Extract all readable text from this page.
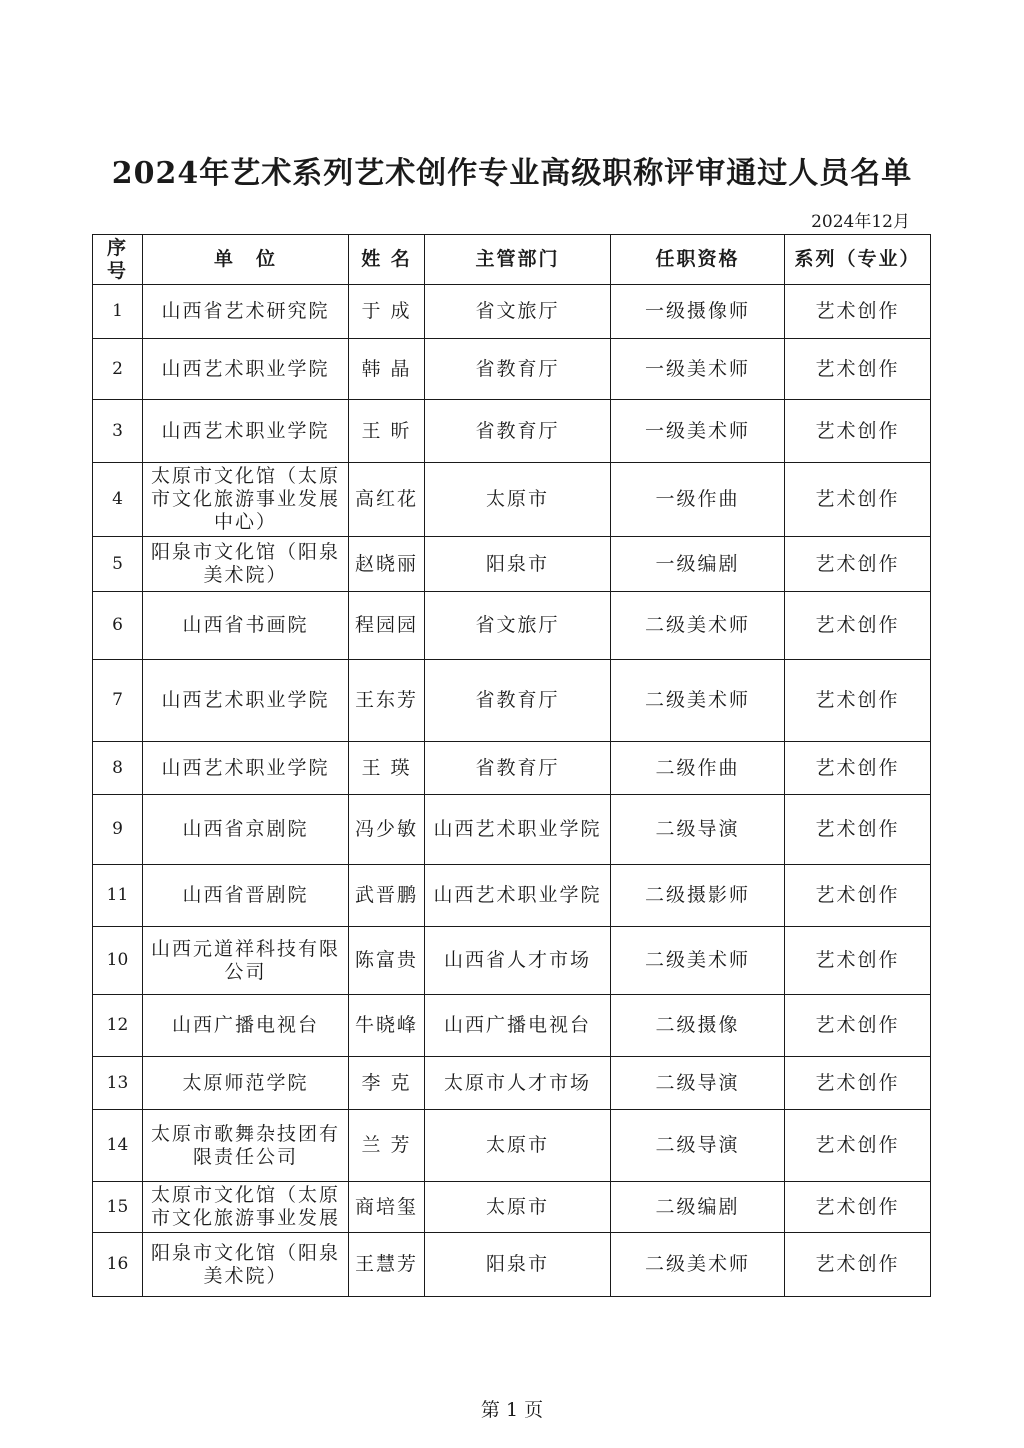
2024年艺术系列艺术创作专业高级职称评审通过人员名单
2024年12月
序号	单　位	姓 名	主管部门	任职资格	系列（专业）
1	山西省艺术研究院	于 成	省文旅厅	一级摄像师	艺术创作
2	山西艺术职业学院	韩 晶	省教育厅	一级美术师	艺术创作
3	山西艺术职业学院	王 昕	省教育厅	一级美术师	艺术创作
4	太原市文化馆（太原市文化旅游事业发展中心）	高红花	太原市	一级作曲	艺术创作
5	阳泉市文化馆（阳泉美术院）	赵晓丽	阳泉市	一级编剧	艺术创作
6	山西省书画院	程园园	省文旅厅	二级美术师	艺术创作
7	山西艺术职业学院	王东芳	省教育厅	二级美术师	艺术创作
8	山西艺术职业学院	王 瑛	省教育厅	二级作曲	艺术创作
9	山西省京剧院	冯少敏	山西艺术职业学院	二级导演	艺术创作
11	山西省晋剧院	武晋鹏	山西艺术职业学院	二级摄影师	艺术创作
10	山西元道祥科技有限公司	陈富贵	山西省人才市场	二级美术师	艺术创作
12	山西广播电视台	牛晓峰	山西广播电视台	二级摄像	艺术创作
13	太原师范学院	李 克	太原市人才市场	二级导演	艺术创作
14	太原市歌舞杂技团有限责任公司	兰 芳	太原市	二级导演	艺术创作
15	太原市文化馆（太原市文化旅游事业发展	商培玺	太原市	二级编剧	艺术创作
16	阳泉市文化馆（阳泉美术院）	王慧芳	阳泉市	二级美术师	艺术创作
第 1 页
